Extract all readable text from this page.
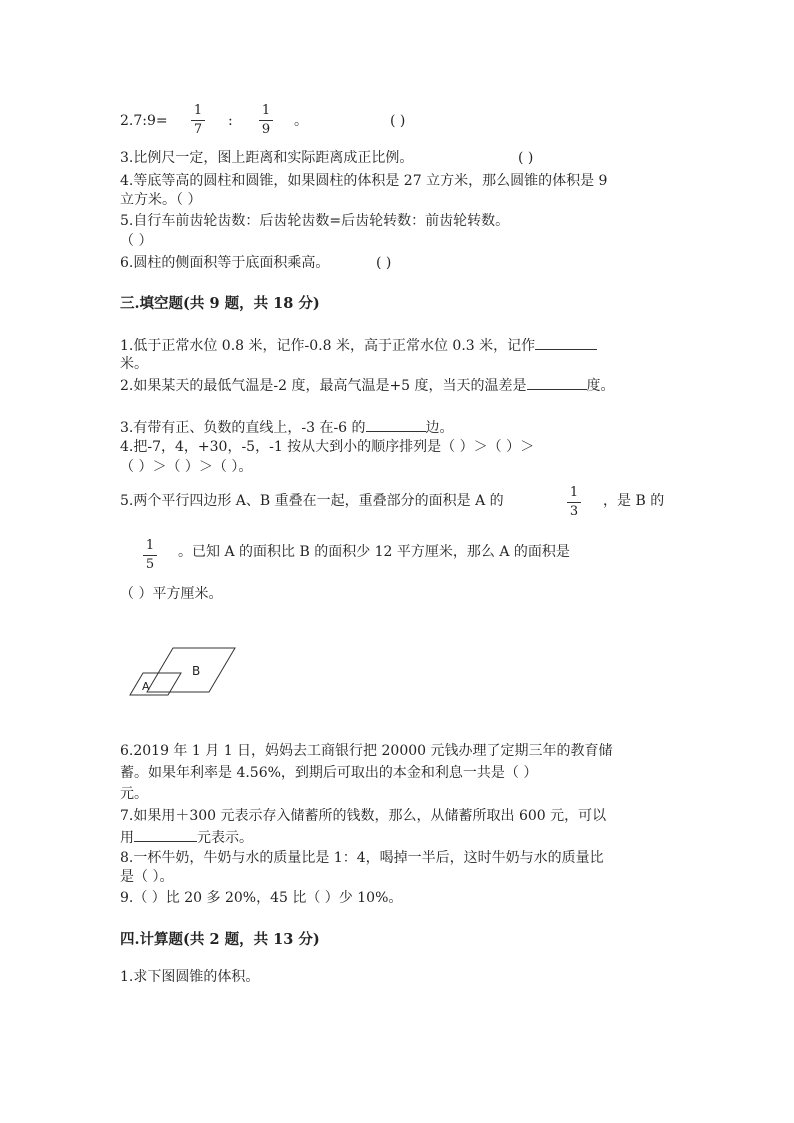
2.7:9=
1
7
:
1
9
。	( )
3.比例尺一定，图上距离和实际距离成正比例。	( )
4.等底等高的圆柱和圆锥，如果圆柱的体积是 27 立方米，那么圆锥的体积是 9
立方米。（ ）
5.自行车前齿轮齿数：后齿轮齿数=后齿轮转数：前齿轮转数。
（ ）
6.圆柱的侧面积等于底面积乘高。	( )
三.填空题(共 9 题，共 18 分)
1.低于正常水位 0.8 米，记作-0.8 米，高于正常水位 0.3 米，记作
米。
2.如果某天的最低气温是-2 度，最高气温是+5 度，当天的温差是	度。
3.有带有正、负数的直线上，-3 在-6 的	边。
4.把-7，4，+30，-5，-1 按从大到小的顺序排列是（ ）＞（ ）＞
（ ）＞（ ）＞（ ）。
5.两个平行四边形 A、B 重叠在一起，重叠部分的面积是 A 的
1
3
，是 B 的
1
5
。已知 A 的面积比 B 的面积少 12 平方厘米，那么 A 的面积是
（ ）平方厘米。
B
A
6.2019 年 1 月 1 日，妈妈去工商银行把 20000 元钱办理了定期三年的教育储
蓄。如果年利率是 4.56%，到期后可取出的本金和利息一共是（ ）
元。
7.如果用＋300 元表示存入储蓄所的钱数，那么，从储蓄所取出 600 元，可以
用	元表示。
8.一杯牛奶，牛奶与水的质量比是 1：4，喝掉一半后，这时牛奶与水的质量比
是（ ）。
9.（ ）比 20 多 20%，45 比（ ）少 10%。
四.计算题(共 2 题，共 13 分)
1.求下图圆锥的体积。
